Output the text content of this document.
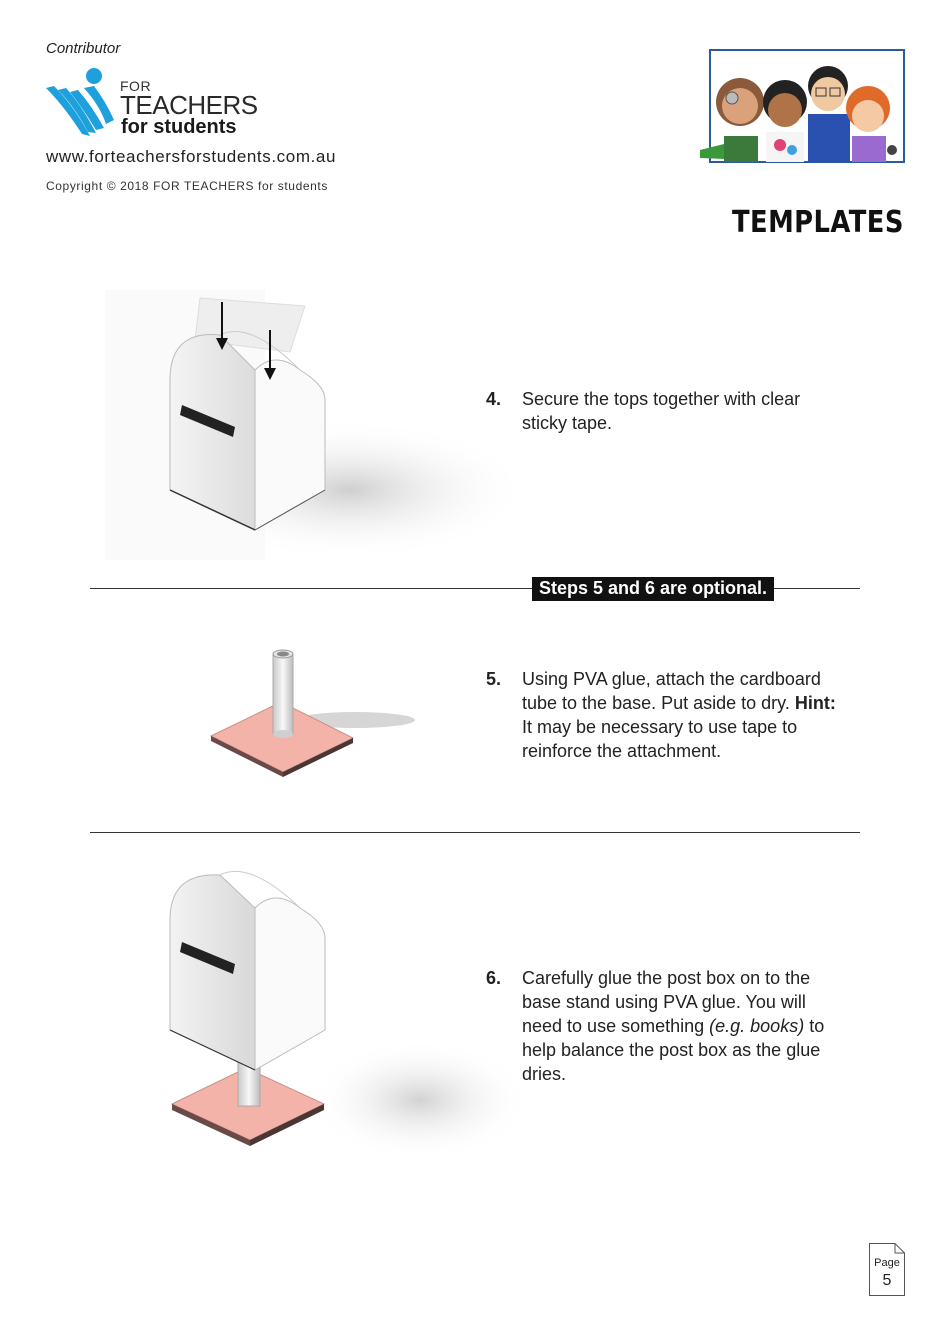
Contributor
FOR
TEACHERS
for students
www.forteachersforstudents.com.au
Copyright © 2018 FOR TEACHERS for students
TEMPLATES
4. Secure the tops together with clear sticky tape.
Steps 5 and 6 are optional.
5. Using PVA glue, attach the cardboard tube to the base. Put aside to dry. Hint: It may be necessary to use tape to reinforce the attachment.
6. Carefully glue the post box on to the base stand using PVA glue. You will need to use something (e.g. books) to help balance the post box as the glue dries.
Page
5
